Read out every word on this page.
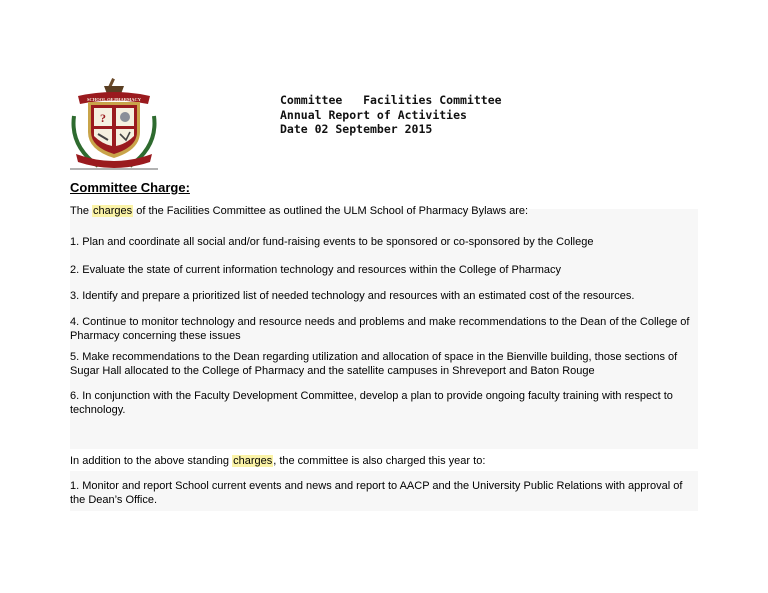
SCHOOL OF PHARMACY
?
Committee   Facilities Committee
Annual Report of Activities
Date 02 September 2015
Committee Charge:
The charges of the Facilities Committee as outlined the ULM School of Pharmacy Bylaws are:
1. Plan and coordinate all social and/or fund-raising events to be sponsored or co-sponsored by the College
2. Evaluate the state of current information technology and resources within the College of Pharmacy
3. Identify and prepare a prioritized list of needed technology and resources with an estimated cost of the resources.
4. Continue to monitor technology and resource needs and problems and make recommendations to the Dean of the College of Pharmacy concerning these issues
5. Make recommendations to the Dean regarding utilization and allocation of space in the Bienville building, those sections of Sugar Hall allocated to the College of Pharmacy and the satellite campuses in Shreveport and Baton Rouge
6. In conjunction with the Faculty Development Committee, develop a plan to provide ongoing faculty training with respect to technology.
In addition to the above standing charges, the committee is also charged this year to:
1. Monitor and report School current events and news and report to AACP and the University Public Relations with approval of the Dean’s Office.
